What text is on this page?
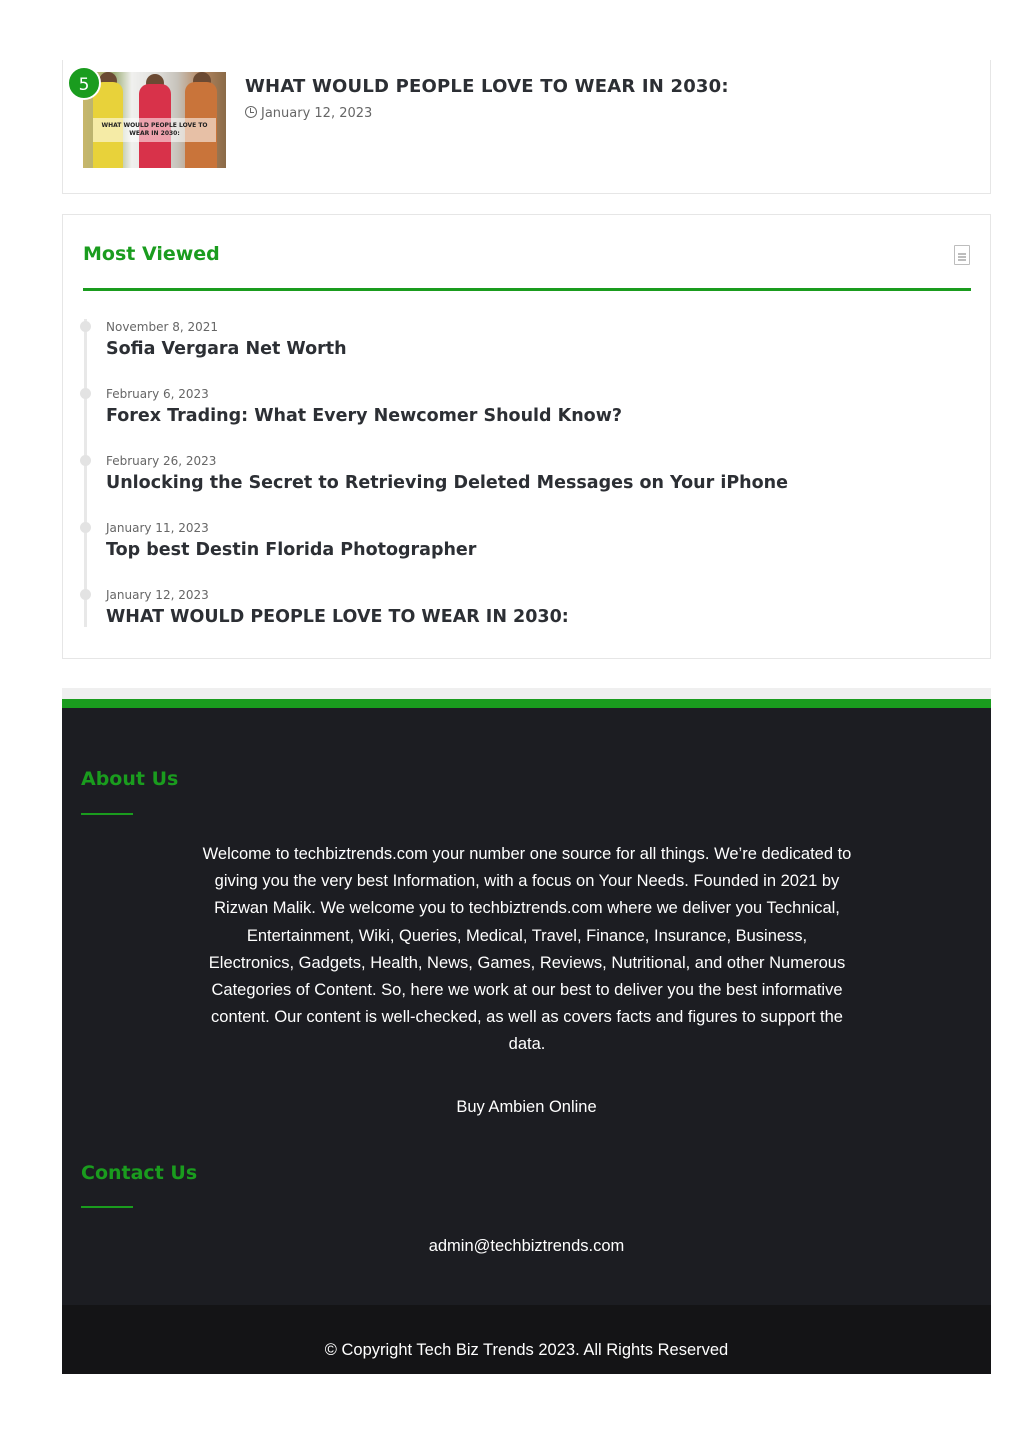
WHAT WOULD PEOPLE LOVE TO WEAR IN 2030:
5	WHAT WOULD PEOPLE LOVE TO WEAR IN 2030:
January 12, 2023
Most Viewed
November 8, 2021
Sofia Vergara Net Worth
February 6, 2023
Forex Trading: What Every Newcomer Should Know?
February 26, 2023
Unlocking the Secret to Retrieving Deleted Messages on Your iPhone
January 11, 2023
Top best Destin Florida Photographer
January 12, 2023
WHAT WOULD PEOPLE LOVE TO WEAR IN 2030:
About Us

Welcome to techbiztrends.com your number one source for all things. We’re dedicated to giving you the very best Information, with a focus on Your Needs. Founded in 2021 by Rizwan Malik. We welcome you to techbiztrends.com where we deliver you Technical, Entertainment, Wiki, Queries, Medical, Travel, Finance, Insurance, Business, Electronics, Gadgets, Health, News, Games, Reviews, Nutritional, and other Numerous Categories of Content. So, here we work at our best to deliver you the best informative content. Our content is well-checked, as well as covers facts and figures to support the data.

Buy Ambien Online
Contact Us
admin@techbiztrends.com
© Copyright Tech Biz Trends 2023. All Rights Reserved
